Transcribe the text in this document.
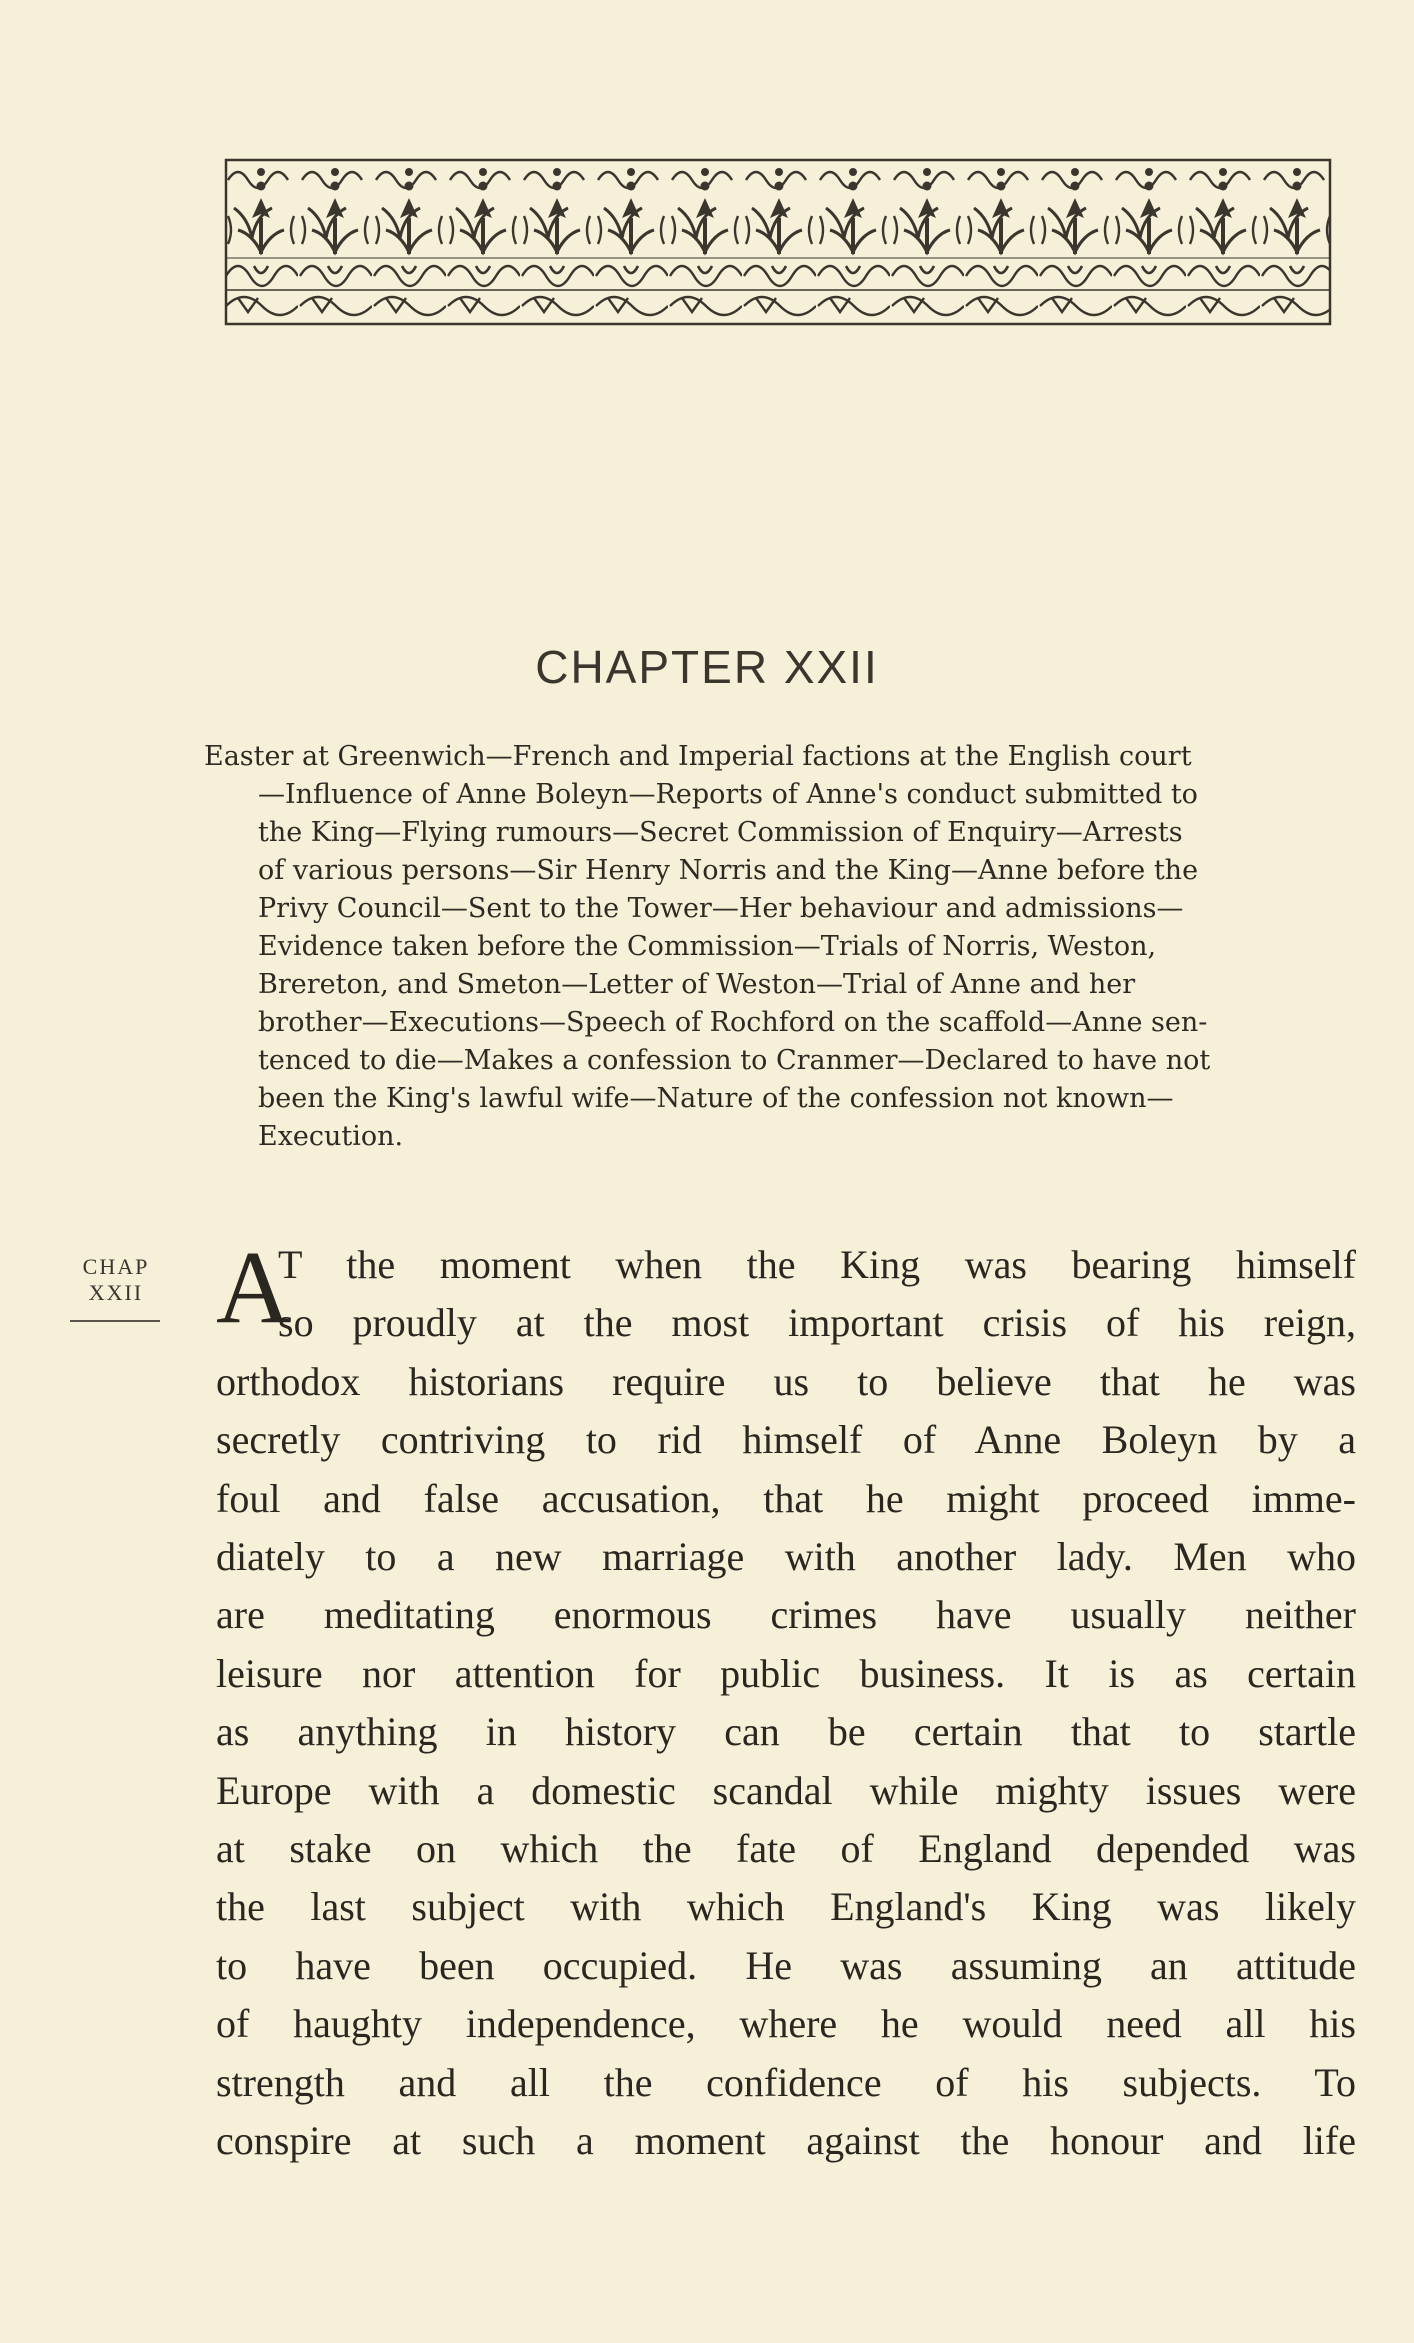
CHAPTER XXII
Easter at Greenwich—French and Imperial factions at the English court
—Influence of Anne Boleyn—Reports of Anne's conduct submitted to
the King—Flying rumours—Secret Commission of Enquiry—Arrests
of various persons—Sir Henry Norris and the King—Anne before the
Privy Council—Sent to the Tower—Her behaviour and admissions—
Evidence taken before the Commission—Trials of Norris, Weston,
Brereton, and Smeton—Letter of Weston—Trial of Anne and her
brother—Executions—Speech of Rochford on the scaffold—Anne sen-
tenced to die—Makes a confession to Cranmer—Declared to have not
been the King's lawful wife—Nature of the confession not known—
Execution.
CHAP
XXII A
T the moment when the King was bearing himself
so proudly at the most important crisis of his reign,
orthodox historians require us to believe that he was
secretly contriving to rid himself of Anne Boleyn by a
foul and false accusation, that he might proceed imme-
diately to a new marriage with another lady. Men who
are meditating enormous crimes have usually neither
leisure nor attention for public business. It is as certain
as anything in history can be certain that to startle
Europe with a domestic scandal while mighty issues were
at stake on which the fate of England depended was
the last subject with which England's King was likely
to have been occupied. He was assuming an attitude
of haughty independence, where he would need all his
strength and all the confidence of his subjects. To
conspire at such a moment against the honour and life
